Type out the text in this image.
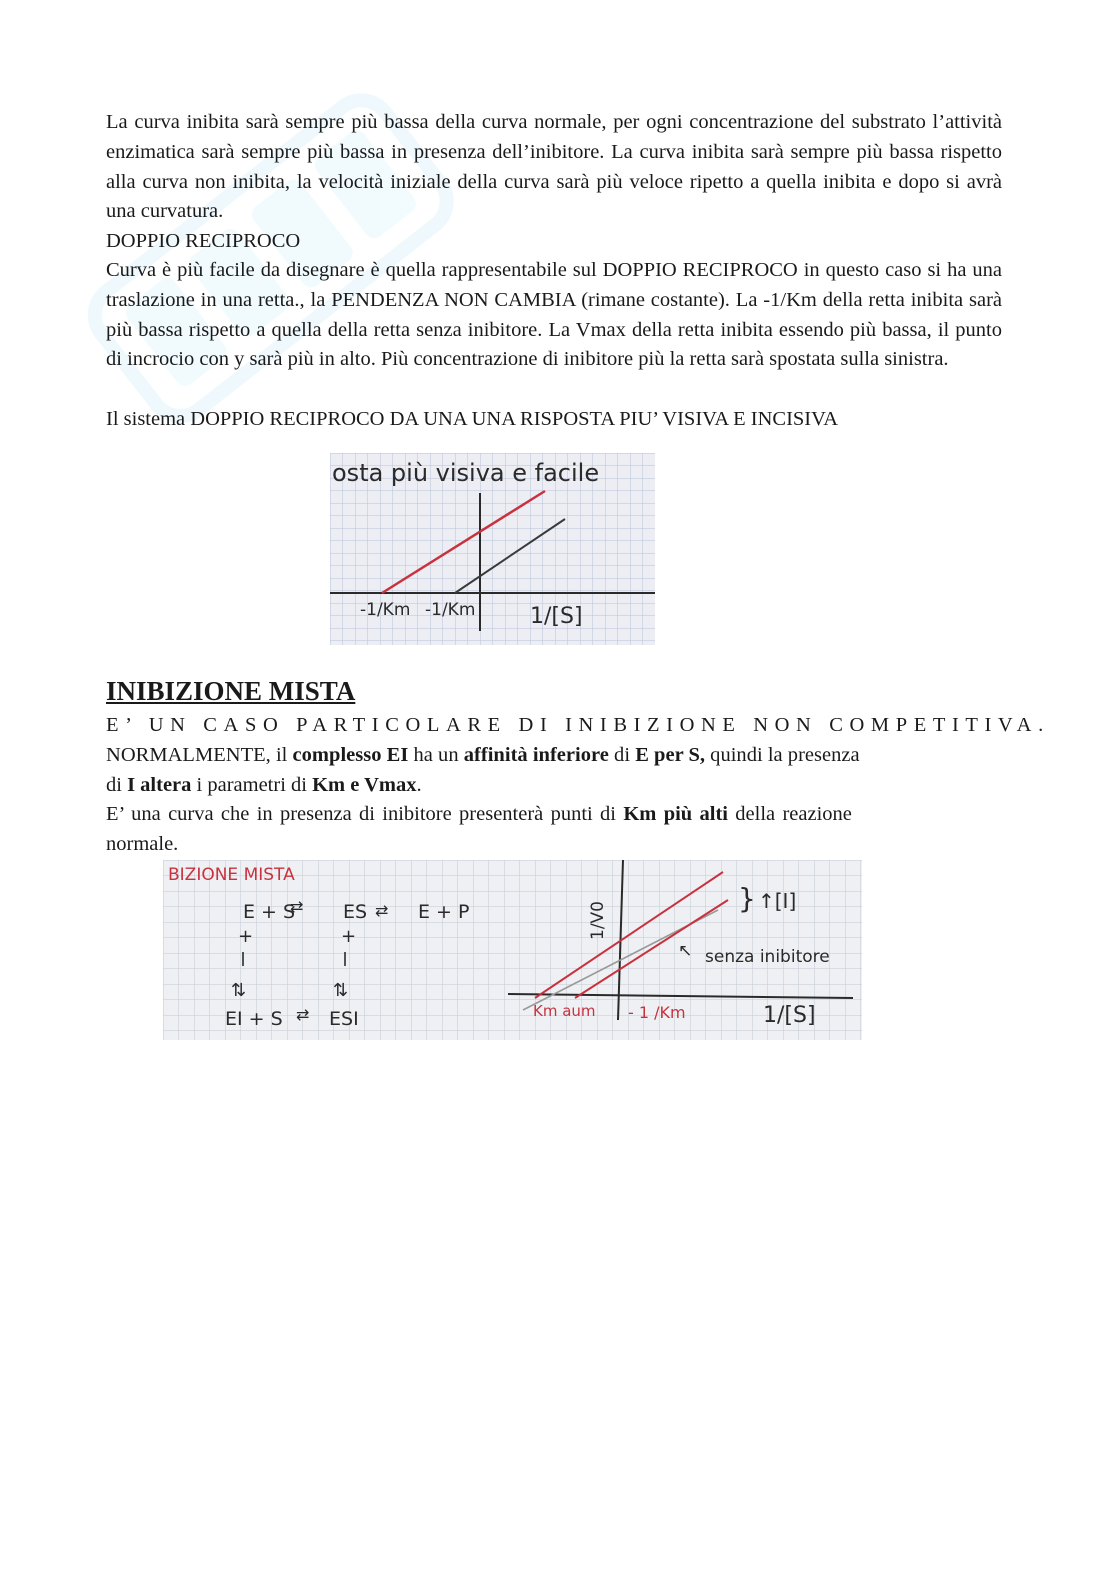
La curva inibita sarà sempre più bassa della curva normale, per ogni concentrazione del substrato l’attività enzimatica sarà sempre più bassa in presenza dell’inibitore. La curva inibita sarà sempre più bassa rispetto alla curva non inibita, la velocità iniziale della curva sarà più veloce ripetto a quella inibita e dopo si avrà una curvatura.
DOPPIO RECIPROCO
Curva è più facile da disegnare è quella rappresentabile sul DOPPIO RECIPROCO in questo caso si ha una traslazione in una retta., la PENDENZA NON CAMBIA (rimane costante). La -1/Km della retta inibita sarà più bassa rispetto a quella della retta senza inibitore. La Vmax della retta inibita essendo più bassa, il punto di incrocio con y sarà più in alto. Più concentrazione di inibitore più la retta sarà spostata sulla sinistra.
Il sistema DOPPIO RECIPROCO DA UNA UNA RISPOSTA PIU’ VISIVA E INCISIVA
osta più visiva e facile
-1/Km -1/Km 1/[S]
INIBIZIONE MISTA
E’ UN CASO PARTICOLARE DI INIBIZIONE NON COMPETITIVA.
NORMALMENTE, il complesso EI ha un affinità inferiore di E per S, quindi la presenza
di I altera i parametri di Km e Vmax.
E’ una curva che in presenza di inibitore presenterà punti di Km più alti della reazione
normale.
BIZIONE MISTA
E + S
⇄ ES ⇄ E + P
+	+
⇅	⇅
EI + S ⇄ ESI
1/V0
} ↑[I]
↖ senza inibitore
Km aum - 1 /Km	1/[S]
